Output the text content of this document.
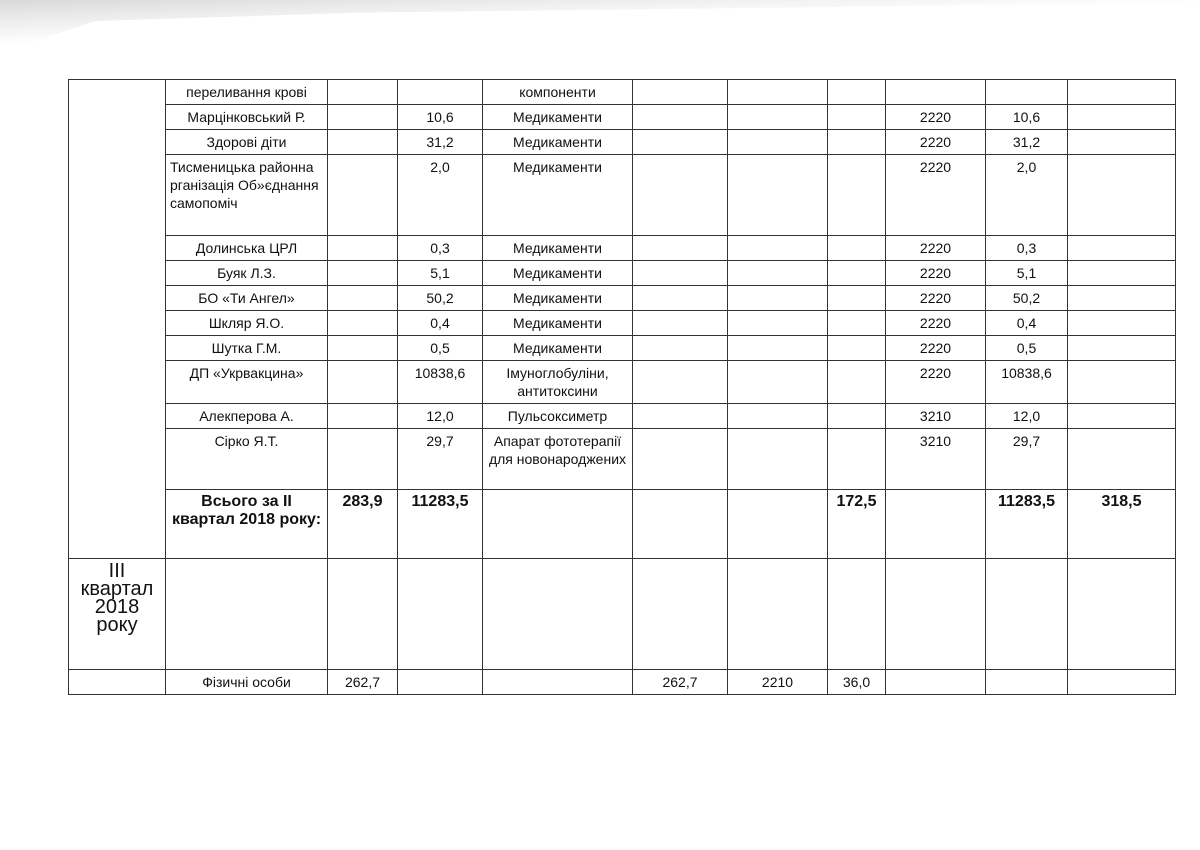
	переливання крові			компоненти						
	Марцінковський Р.		10,6	Медикаменти				2220	10,6	
	Здорові діти		31,2	Медикаменти				2220	31,2	
	Тисменицька районна рганізація Об»єднання самопоміч		2,0	Медикаменти				2220	2,0	
	Долинська ЦРЛ		0,3	Медикаменти				2220	0,3	
	Буяк Л.З.		5,1	Медикаменти				2220	5,1	
	БО «Ти Ангел»		50,2	Медикаменти				2220	50,2	
	Шкляр Я.О.		0,4	Медикаменти				2220	0,4	
	Шутка Г.М.		0,5	Медикаменти				2220	0,5	
	ДП «Укрвакцина»		10838,6	Імуноглобуліни, антитоксини				2220	10838,6	
	Алекперова А.		12,0	Пульсоксиметр				3210	12,0	
	Сірко Я.Т.		29,7	Апарат фототерапії для новонароджених				3210	29,7	
	Всього за ІІ квартал 2018 року:	283,9	11283,5				172,5		11283,5	318,5
ІІІ квартал 2018 року										
	Фізичні особи	262,7			262,7	2210	36,0			
